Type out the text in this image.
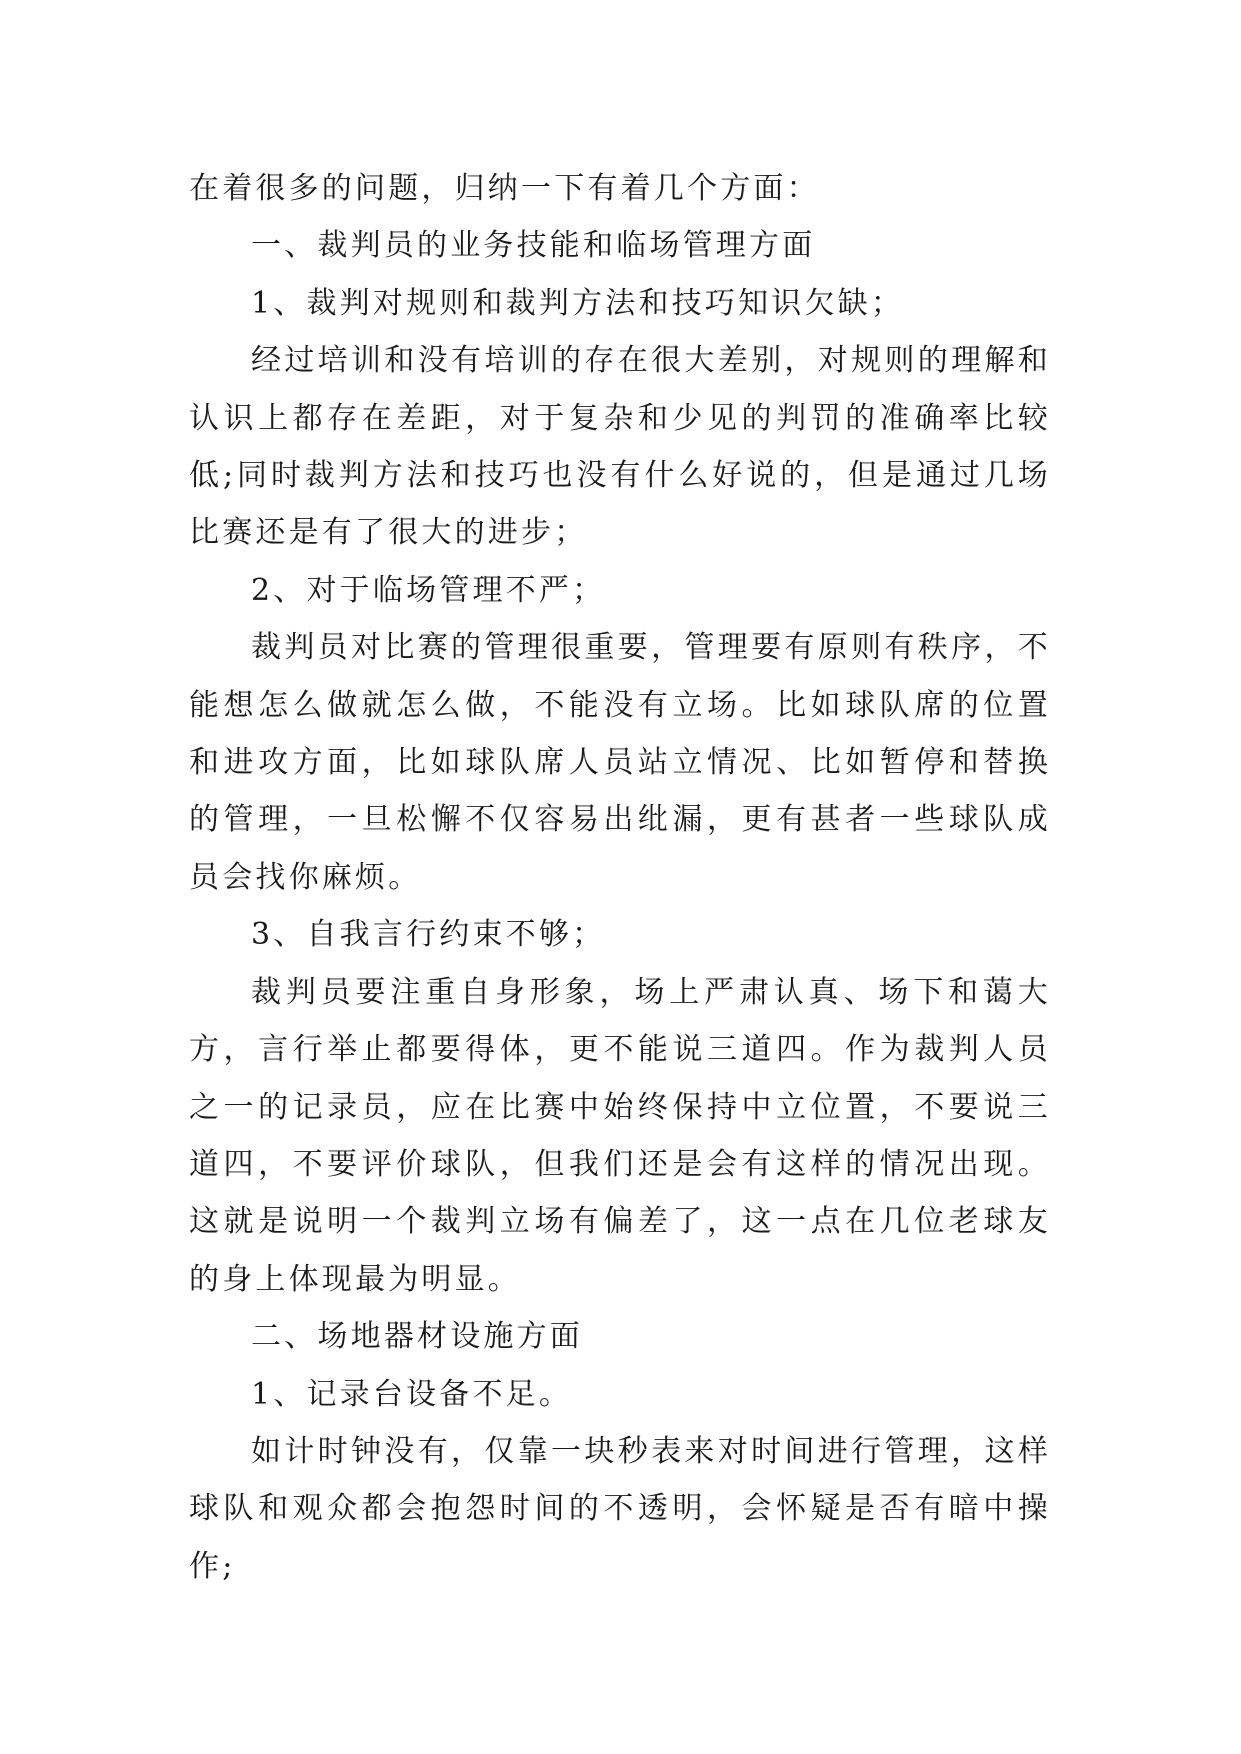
在着很多的问题，归纳一下有着几个方面：

一、裁判员的业务技能和临场管理方面

1、裁判对规则和裁判方法和技巧知识欠缺；

经过培训和没有培训的存在很大差别，对规则的理解和认识上都存在差距，对于复杂和少见的判罚的准确率比较低;同时裁判方法和技巧也没有什么好说的，但是通过几场比赛还是有了很大的进步；

2、对于临场管理不严；

裁判员对比赛的管理很重要，管理要有原则有秩序，不能想怎么做就怎么做，不能没有立场。比如球队席的位置和进攻方面，比如球队席人员站立情况、比如暂停和替换的管理，一旦松懈不仅容易出纰漏，更有甚者一些球队成员会找你麻烦。

3、自我言行约束不够；

裁判员要注重自身形象，场上严肃认真、场下和蔼大方，言行举止都要得体，更不能说三道四。作为裁判人员之一的记录员，应在比赛中始终保持中立位置，不要说三道四，不要评价球队，但我们还是会有这样的情况出现。这就是说明一个裁判立场有偏差了，这一点在几位老球友的身上体现最为明显。

二、场地器材设施方面

1、记录台设备不足。

如计时钟没有，仅靠一块秒表来对时间进行管理，这样球队和观众都会抱怨时间的不透明，会怀疑是否有暗中操作;
